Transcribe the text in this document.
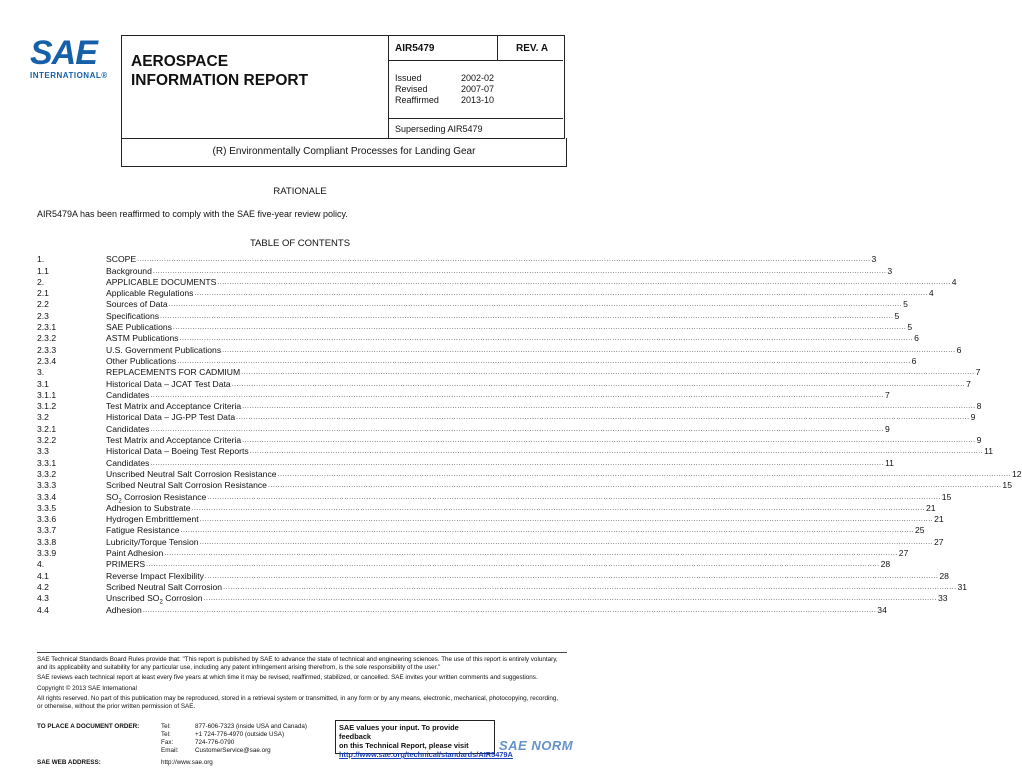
SAE
INTERNATIONAL®
AEROSPACE
INFORMATION REPORT
AIR5479	REV. A
Issued	2002-02
Revised	2007-07
Reaffirmed	2013-10
Superseding AIR5479
(R) Environmentally Compliant Processes for Landing Gear
RATIONALE
AIR5479A has been reaffirmed to comply with the SAE five-year review policy.
TABLE OF CONTENTS
1.	SCOPE ............................................................................................................................................................................................................................................................................................................ 3
1.1	Background ............................................................................................................................................................................................................................................................................................................ 3
2.	APPLICABLE DOCUMENTS ............................................................................................................................................................................................................................................................................................................ 4
2.1	Applicable Regulations ............................................................................................................................................................................................................................................................................................................ 4
2.2	Sources of Data ............................................................................................................................................................................................................................................................................................................ 5
2.3	Specifications ............................................................................................................................................................................................................................................................................................................ 5
2.3.1	SAE Publications ............................................................................................................................................................................................................................................................................................................ 5
2.3.2	ASTM Publications ............................................................................................................................................................................................................................................................................................................ 6
2.3.3	U.S. Government Publications ............................................................................................................................................................................................................................................................................................................ 6
2.3.4	Other Publications ............................................................................................................................................................................................................................................................................................................ 6
3.	REPLACEMENTS FOR CADMIUM ............................................................................................................................................................................................................................................................................................................ 7
3.1	Historical Data – JCAT Test Data ............................................................................................................................................................................................................................................................................................................ 7
3.1.1	Candidates ............................................................................................................................................................................................................................................................................................................ 7
3.1.2	Test Matrix and Acceptance Criteria ............................................................................................................................................................................................................................................................................................................ 8
3.2	Historical Data – JG-PP Test Data ............................................................................................................................................................................................................................................................................................................ 9
3.2.1	Candidates ............................................................................................................................................................................................................................................................................................................ 9
3.2.2	Test Matrix and Acceptance Criteria ............................................................................................................................................................................................................................................................................................................ 9
3.3	Historical Data – Boeing Test Reports ............................................................................................................................................................................................................................................................................................................ 11
3.3.1	Candidates ............................................................................................................................................................................................................................................................................................................ 11
3.3.2	Unscribed Neutral Salt Corrosion Resistance ............................................................................................................................................................................................................................................................................................................ 12
3.3.3	Scribed Neutral Salt Corrosion Resistance ............................................................................................................................................................................................................................................................................................................ 15
3.3.4	$SO_2$ Corrosion Resistance ............................................................................................................................................................................................................................................................................................................ 15
3.3.5	Adhesion to Substrate ............................................................................................................................................................................................................................................................................................................ 21
3.3.6	Hydrogen Embrittlement ............................................................................................................................................................................................................................................................................................................ 21
3.3.7	Fatigue Resistance ............................................................................................................................................................................................................................................................................................................ 25
3.3.8	Lubricity/Torque Tension ............................................................................................................................................................................................................................................................................................................ 27
3.3.9	Paint Adhesion ............................................................................................................................................................................................................................................................................................................ 27
4.	PRIMERS ............................................................................................................................................................................................................................................................................................................ 28
4.1	Reverse Impact Flexibility ............................................................................................................................................................................................................................................................................................................ 28
4.2	Scribed Neutral Salt Corrosion ............................................................................................................................................................................................................................................................................................................ 31
4.3	Unscribed $SO_2$ Corrosion ............................................................................................................................................................................................................................................................................................................ 33
4.4	Adhesion ............................................................................................................................................................................................................................................................................................................ 34

SAE Technical Standards Board Rules provide that: "This report is published by SAE to advance the state of technical and engineering sciences. The use of this report is entirely voluntary, and its applicability and suitability for any particular use, including any patent infringement arising therefrom, is the sole responsibility of the user."

SAE reviews each technical report at least every five years at which time it may be revised, reaffirmed, stabilized, or cancelled. SAE invites your written comments and suggestions.

Copyright © 2013 SAE International

All rights reserved. No part of this publication may be reproduced, stored in a retrieval system or transmitted, in any form or by any means, electronic, mechanical, photocopying, recording, or otherwise, without the prior written permission of SAE.

TO PLACE A DOCUMENT ORDER:	Tel:	877-606-7323 (inside USA and Canada)
	Tel:	+1 724-776-4970 (outside USA)
	Fax:	724-776-0790
	Email:	CustomerService@sae.org
SAE WEB ADDRESS:	http://www.sae.org	
SAE values your input. To provide feedback
on this Technical Report, please visit
http://www.sae.org/technical/standards/AIR5479A
SAE NORM
